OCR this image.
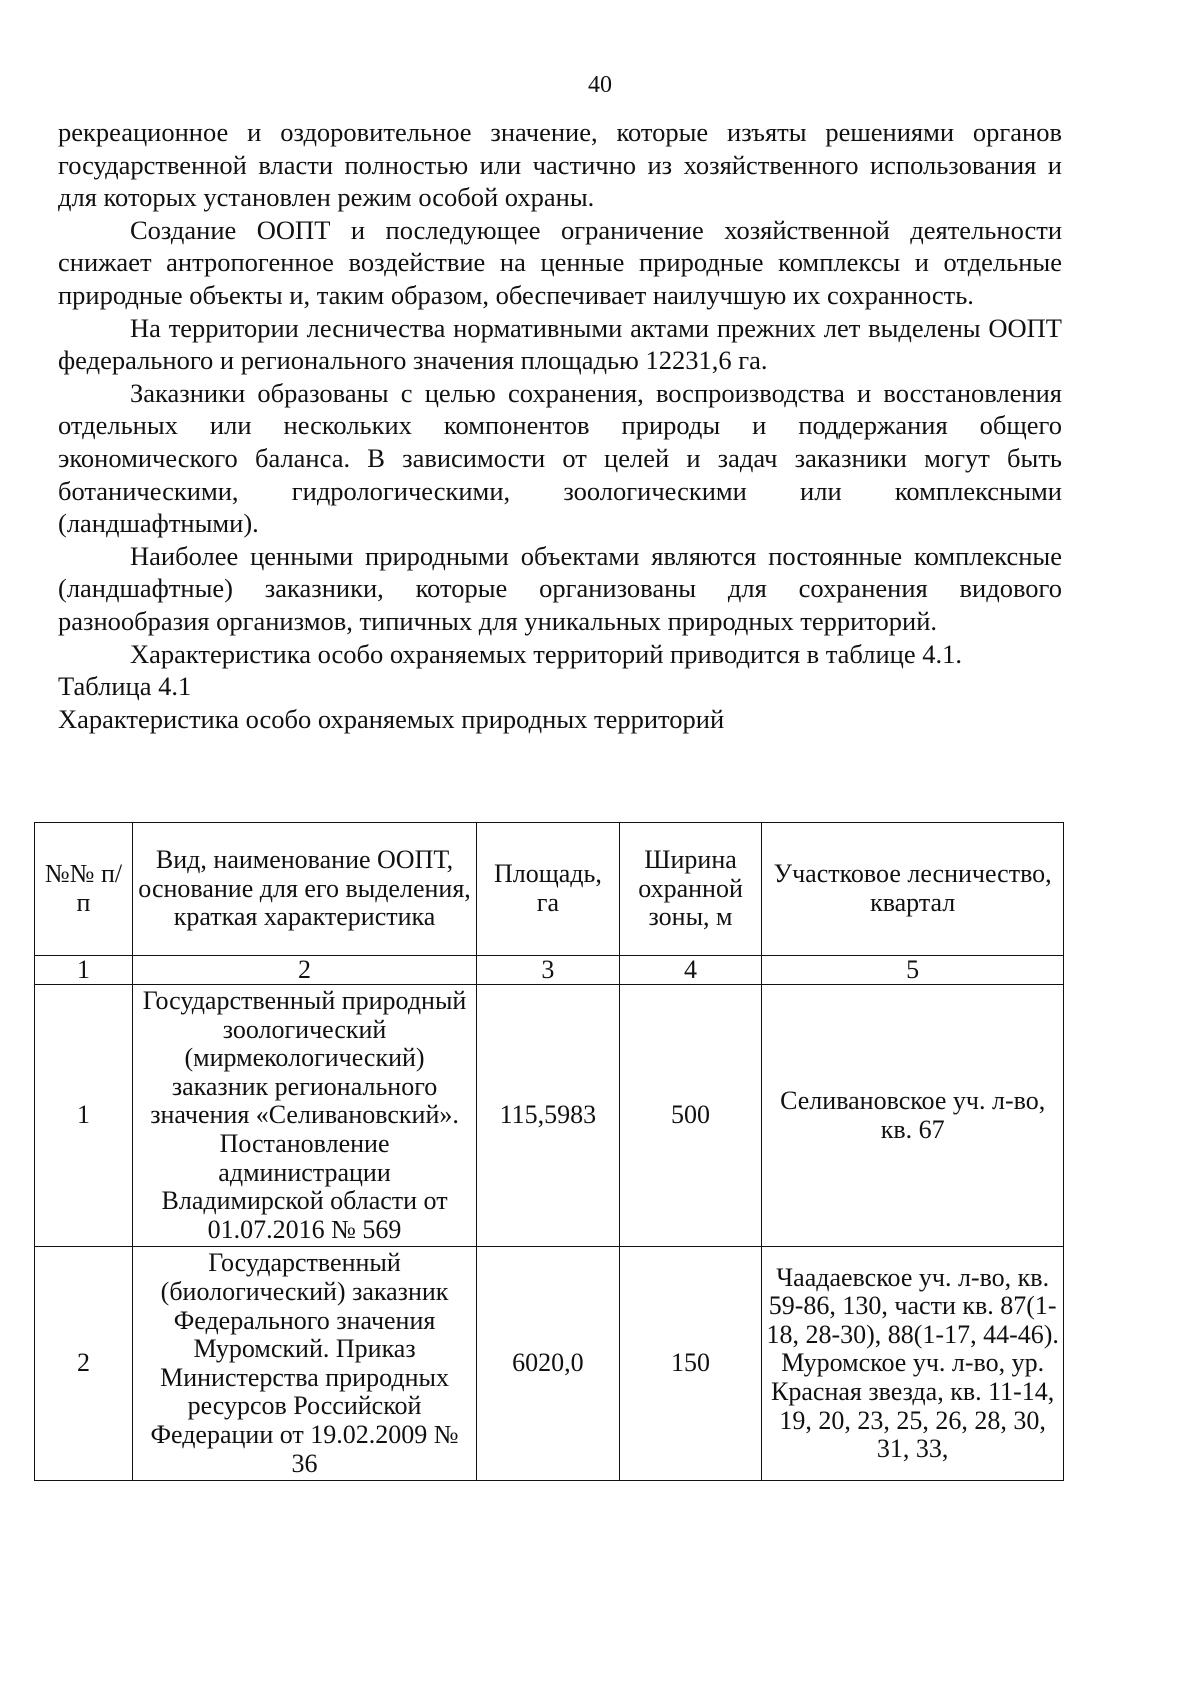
40

рекреационное и оздоровительное значение, которые изъяты решениями органов государственной власти полностью или частично из хозяйственного использования и для которых установлен режим особой охраны.

Создание ООПТ и последующее ограничение хозяйственной деятельности снижает антропогенное воздействие на ценные природные комплексы и отдельные природные объекты и, таким образом, обеспечивает наилучшую их сохранность.

На территории лесничества нормативными актами прежних лет выделены ООПТ федерального и регионального значения площадью 12231,6 га.

Заказники образованы с целью сохранения, воспроизводства и восстановления отдельных или нескольких компонентов природы и поддержания общего экономического баланса. В зависимости от целей и задач заказники могут быть ботаническими, гидрологическими, зоологическими или комплексными (ландшафтными).

Наиболее ценными природными объектами являются постоянные комплексные (ландшафтные) заказники, которые организованы для сохранения видового разнообразия организмов, типичных для уникальных природных территорий.

Характеристика особо охраняемых территорий приводится в таблице 4.1.

Таблица 4.1

Характеристика особо охраняемых природных территорий

№№ п/п	Вид, наименование ООПТ, основание для его выделения, краткая характеристика	Площадь, га	Ширина охранной зоны, м	Участковое лесничество, квартал
1	2	3	4	5
1	Государственный природный зоологический (мирмекологический) заказник регионального значения «Селивановский». Постановление администрации Владимирской области от 01.07.2016 № 569	115,5983	500	Селивановское уч. л-во, кв. 67
2	Государственный (биологический) заказник Федерального значения Муромский. Приказ Министерства природных ресурсов Российской Федерации от 19.02.2009 № 36	6020,0	150	Чаадаевское уч. л-во, кв. 59-86, 130, части кв. 87(1-18, 28-30), 88(1-17, 44-46). Муромское уч. л-во, ур. Красная звезда, кв. 11-14, 19, 20, 23, 25, 26, 28, 30, 31, 33,
